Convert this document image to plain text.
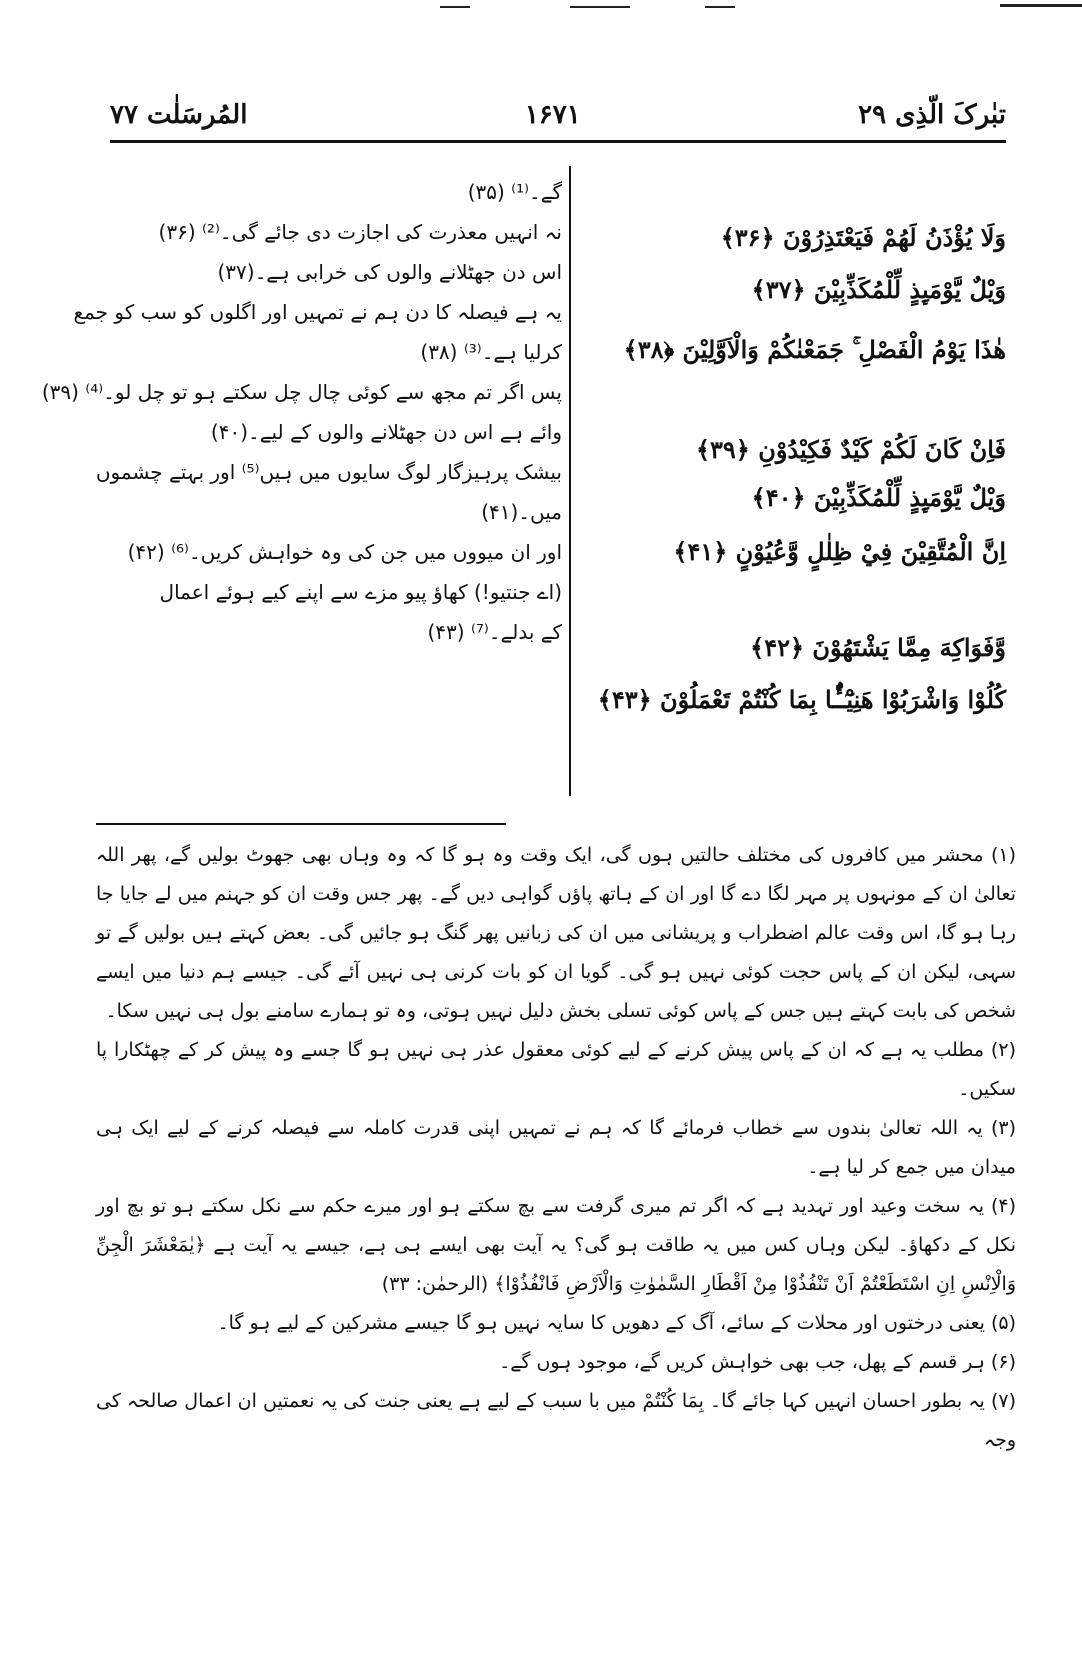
المُرسَلٰت ۷۷	۱۶۷۱	تبٰرکَ الّذِی ۲۹
وَلَا يُؤْذَنُ لَهُمْ فَيَعْتَذِرُوْنَ ﴿۳۶﴾
وَيْلٌ يَّوْمَىِٕذٍ لِّلْمُكَذِّبِيْنَ ﴿۳۷﴾
هٰذَا يَوْمُ الْفَصْلِ ۚ جَمَعْنٰكُمْ وَالْاَوَّلِيْنَ ﴿۳۸﴾
فَاِنْ كَانَ لَكُمْ كَيْدٌ فَكِيْدُوْنِ ﴿۳۹﴾
وَيْلٌ يَّوْمَىِٕذٍ لِّلْمُكَذِّبِيْنَ ﴿۴۰﴾
اِنَّ الْمُتَّقِيْنَ فِيْ ظِلٰلٍ وَّعُيُوْنٍ ﴿۴۱﴾
وَّفَوَاكِهَ مِمَّا يَشْتَهُوْنَ ﴿۴۲﴾
كُلُوْا وَاشْرَبُوْا هَنِيْٓـًٔۢا بِمَا كُنْتُمْ تَعْمَلُوْنَ ﴿۴۳﴾
گے۔⁽¹⁾ (۳۵)
نہ انہیں معذرت کی اجازت دی جائے گی۔⁽²⁾ (۳۶)
اس دن جھٹلانے والوں کی خرابی ہے۔(۳۷)
یہ ہے فیصلہ کا دن ہم نے تمہیں اور اگلوں کو سب کو جمع
کرلیا ہے۔⁽³⁾ (۳۸)
پس اگر تم مجھ سے کوئی چال چل سکتے ہو تو چل لو۔⁽⁴⁾ (۳۹)
وائے ہے اس دن جھٹلانے والوں کے لیے۔(۴۰)
بیشک پرہیزگار لوگ سایوں میں ہیں⁽⁵⁾ اور بہتے چشموں
میں۔(۴۱)
اور ان میووں میں جن کی وہ خواہش کریں۔⁽⁶⁾ (۴۲)
(اے جنتیو!) کھاؤ پیو مزے سے اپنے کیے ہوئے اعمال
کے بدلے۔⁽⁷⁾ (۴۳)

(۱) محشر میں کافروں کی مختلف حالتیں ہوں گی، ایک وقت وہ ہو گا کہ وہ وہاں بھی جھوٹ بولیں گے، پھر اللہ تعالیٰ ان کے مونہوں پر مہر لگا دے گا اور ان کے ہاتھ پاؤں گواہی دیں گے۔ پھر جس وقت ان کو جہنم میں لے جایا جا رہا ہو گا، اس وقت عالم اضطراب و پریشانی میں ان کی زبانیں پھر گنگ ہو جائیں گی۔ بعض کہتے ہیں بولیں گے تو سہی، لیکن ان کے پاس حجت کوئی نہیں ہو گی۔ گویا ان کو بات کرنی ہی نہیں آئے گی۔ جیسے ہم دنیا میں ایسے شخص کی بابت کہتے ہیں جس کے پاس کوئی تسلی بخش دلیل نہیں ہوتی، وہ تو ہمارے سامنے بول ہی نہیں سکا۔

(۲) مطلب یہ ہے کہ ان کے پاس پیش کرنے کے لیے کوئی معقول عذر ہی نہیں ہو گا جسے وہ پیش کر کے چھٹکارا پا سکیں۔

(۳) یہ اللہ تعالیٰ بندوں سے خطاب فرمائے گا کہ ہم نے تمہیں اپنی قدرت کاملہ سے فیصلہ کرنے کے لیے ایک ہی میدان میں جمع کر لیا ہے۔

(۴) یہ سخت وعید اور تہدید ہے کہ اگر تم میری گرفت سے بچ سکتے ہو اور میرے حکم سے نکل سکتے ہو تو بچ اور نکل کے دکھاؤ۔ لیکن وہاں کس میں یہ طاقت ہو گی؟ یہ آیت بھی ایسے ہی ہے، جیسے یہ آیت ہے ﴿يٰمَعْشَرَ الْجِنِّ وَالْاِنْسِ اِنِ اسْتَطَعْتُمْ اَنْ تَنْفُذُوْا مِنْ اَقْطَارِ السَّمٰوٰتِ وَالْاَرْضِ فَانْفُذُوْا﴾ (الرحمٰن: ۳۳)

(۵) یعنی درختوں اور محلات کے سائے، آگ کے دھویں کا سایہ نہیں ہو گا جیسے مشرکین کے لیے ہو گا۔

(۶) ہر قسم کے پھل، جب بھی خواہش کریں گے، موجود ہوں گے۔

(۷) یہ بطور احسان انہیں کہا جائے گا۔ بِمَا كُنْتُمْ میں با سبب کے لیے ہے یعنی جنت کی یہ نعمتیں ان اعمال صالحہ کی وجہ
